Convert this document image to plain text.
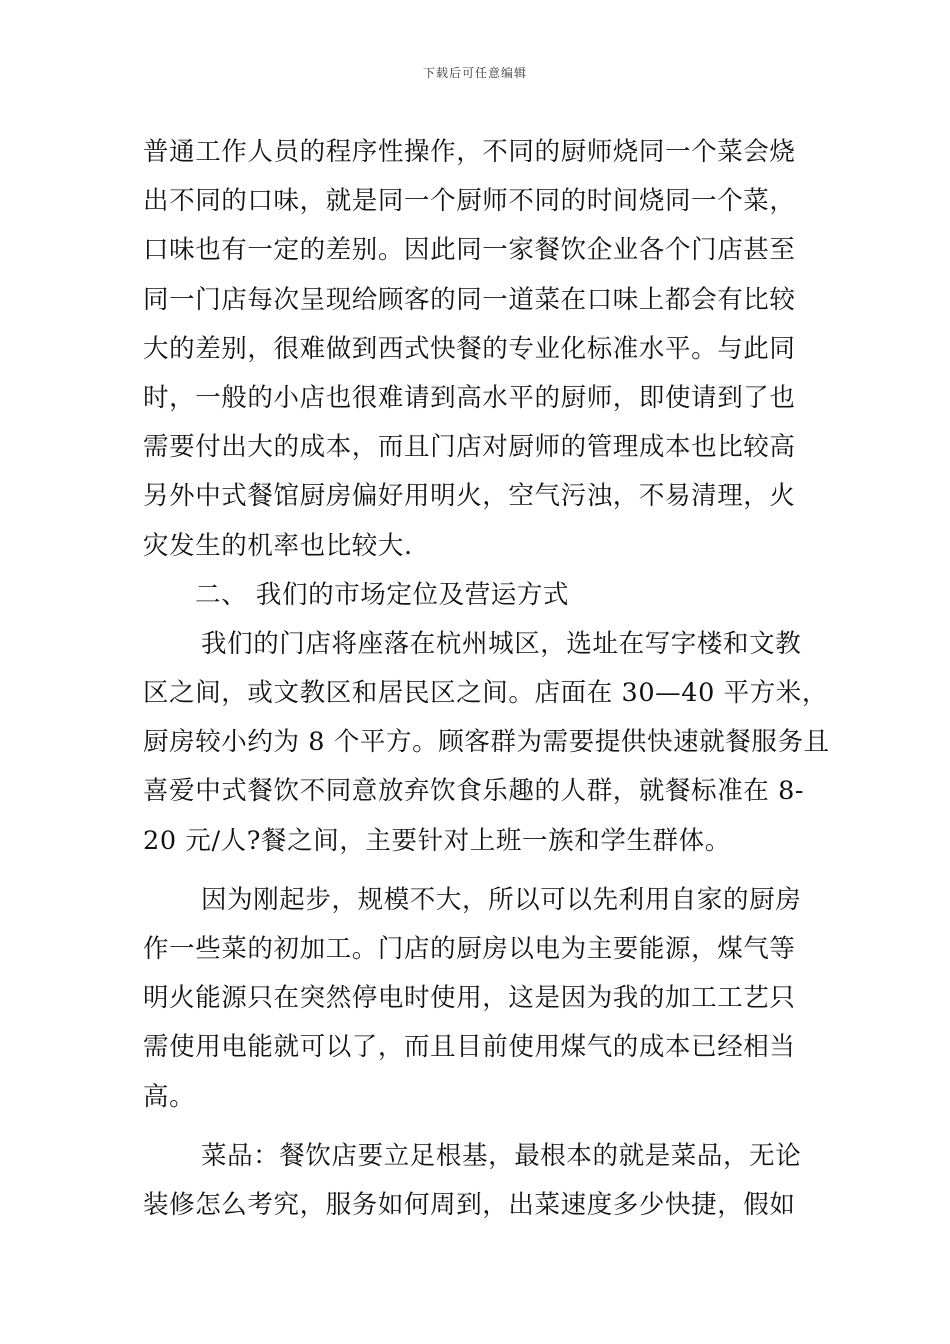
下载后可任意编辑
普通工作人员的程序性操作，不同的厨师烧同一个菜会烧
出不同的口味，就是同一个厨师不同的时间烧同一个菜，
口味也有一定的差别。因此同一家餐饮企业各个门店甚至
同一门店每次呈现给顾客的同一道菜在口味上都会有比较
大的差别，很难做到西式快餐的专业化标准水平。与此同
时，一般的小店也很难请到高水平的厨师，即使请到了也
需要付出大的成本，而且门店对厨师的管理成本也比较高
另外中式餐馆厨房偏好用明火，空气污浊，不易清理，火
灾发生的机率也比较大.
二、 我们的市场定位及营运方式
我们的门店将座落在杭州城区，选址在写字楼和文教
区之间，或文教区和居民区之间。店面在 30—40 平方米，
厨房较小约为 8 个平方。顾客群为需要提供快速就餐服务且
喜爱中式餐饮不同意放弃饮食乐趣的人群，就餐标准在 8-
20 元/人?餐之间，主要针对上班一族和学生群体。
因为刚起步，规模不大，所以可以先利用自家的厨房
作一些菜的初加工。门店的厨房以电为主要能源，煤气等
明火能源只在突然停电时使用，这是因为我的加工工艺只
需使用电能就可以了，而且目前使用煤气的成本已经相当
高。
菜品：餐饮店要立足根基，最根本的就是菜品，无论
装修怎么考究，服务如何周到，出菜速度多少快捷，假如
